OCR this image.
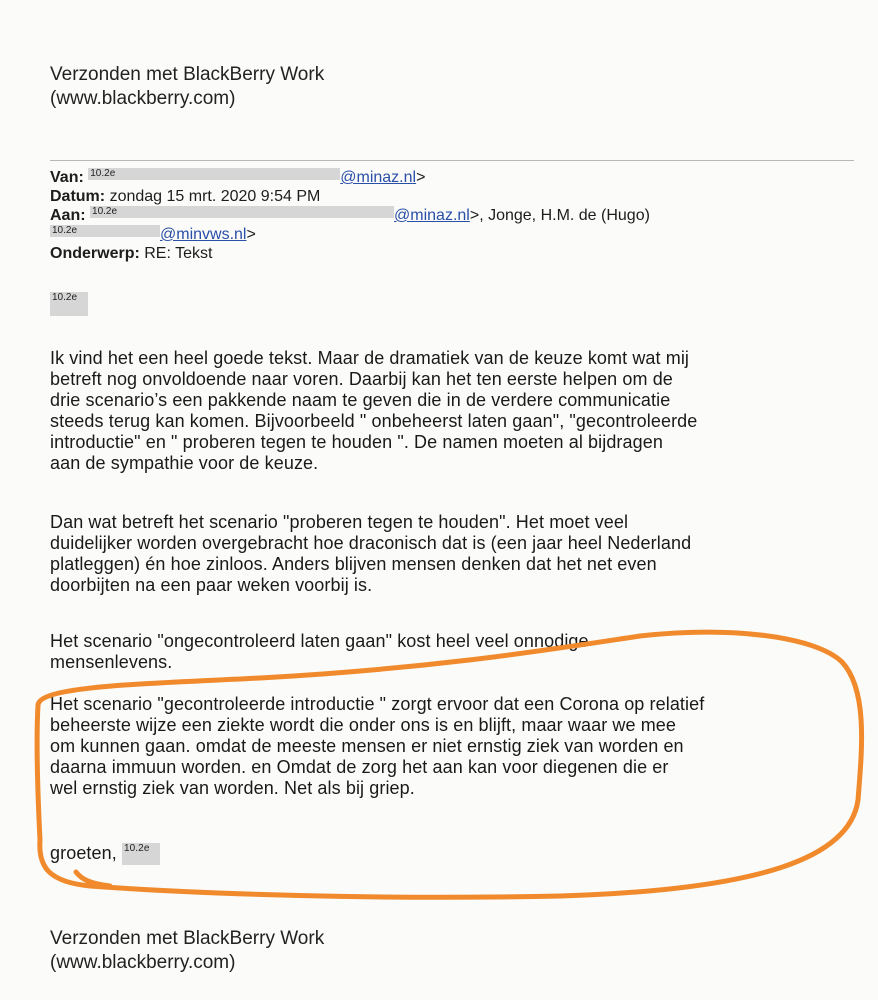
Verzonden met BlackBerry Work
(www.blackberry.com)
Van: 10.2e	@minaz.nl>
Datum: zondag 15 mrt. 2020 9:54 PM
Aan: 10.2e	@minaz.nl>, Jonge, H.M. de (Hugo)
10.2e	@minvws.nl>
Onderwerp: RE: Tekst
10.2e
Ik vind het een heel goede tekst. Maar de dramatiek van de keuze komt wat mij
betreft nog onvoldoende naar voren. Daarbij kan het ten eerste helpen om de
drie scenario’s een pakkende naam te geven die in de verdere communicatie
steeds terug kan komen. Bijvoorbeeld " onbeheerst laten gaan", "gecontroleerde
introductie" en " proberen tegen te houden ". De namen moeten al bijdragen
aan de sympathie voor de keuze.
Dan wat betreft het scenario "proberen tegen te houden". Het moet veel
duidelijker worden overgebracht hoe draconisch dat is (een jaar heel Nederland
platleggen) én hoe zinloos. Anders blijven mensen denken dat het net even
doorbijten na een paar weken voorbij is.
Het scenario "ongecontroleerd laten gaan" kost heel veel onnodige
mensenlevens.
Het scenario "gecontroleerde introductie " zorgt ervoor dat een Corona op relatief
beheerste wijze een ziekte wordt die onder ons is en blijft, maar waar we mee
om kunnen gaan. omdat de meeste mensen er niet ernstig ziek van worden en
daarna immuun worden. en Omdat de zorg het aan kan voor diegenen die er
wel ernstig ziek van worden. Net als bij griep.
groeten, 10.2e
Verzonden met BlackBerry Work
(www.blackberry.com)
